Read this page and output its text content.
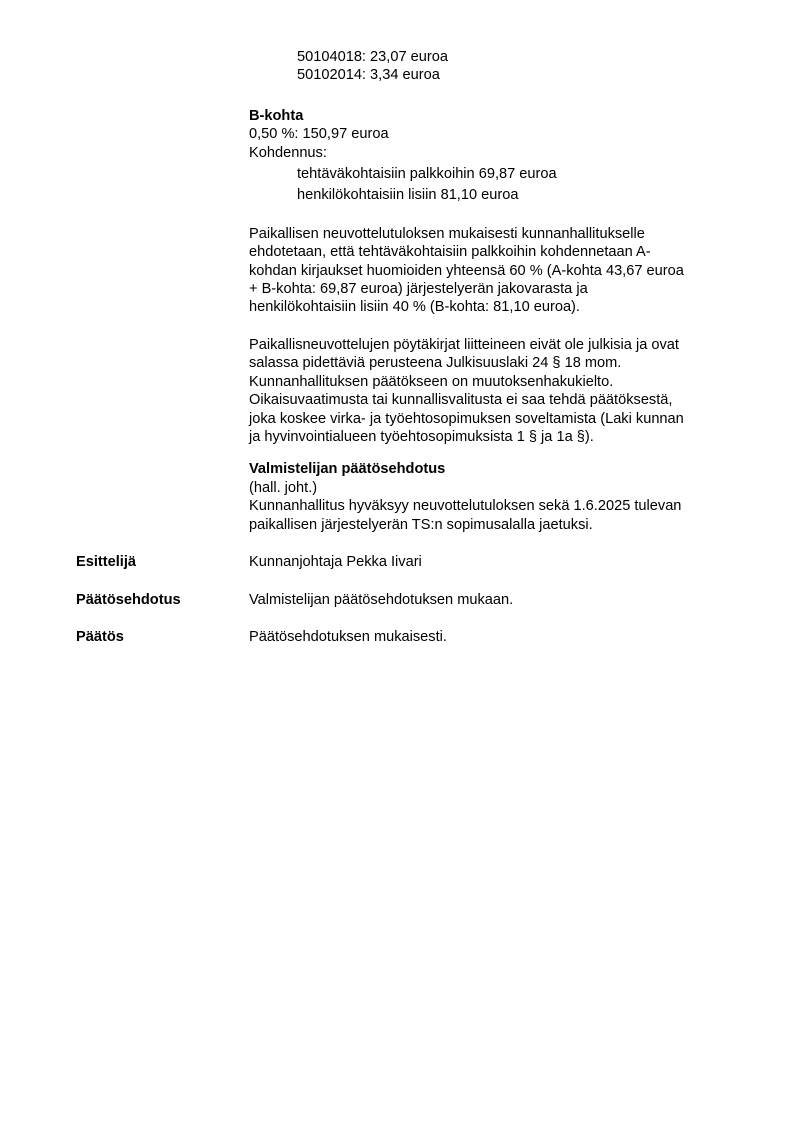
50104018: 23,07 euroa
50102014: 3,34 euroa
B-kohta
0,50 %: 150,97 euroa
Kohdennus:
tehtäväkohtaisiin palkkoihin 69,87 euroa
henkilökohtaisiin lisiin 81,10 euroa
Paikallisen neuvottelutuloksen mukaisesti kunnanhallitukselle
ehdotetaan, että tehtäväkohtaisiin palkkoihin kohdennetaan A-
kohdan kirjaukset huomioiden yhteensä 60 % (A-kohta 43,67 euroa
+ B-kohta: 69,87 euroa) järjestelyerän jakovarasta ja
henkilökohtaisiin lisiin 40 % (B-kohta: 81,10 euroa).
Paikallisneuvottelujen pöytäkirjat liitteineen eivät ole julkisia ja ovat
salassa pidettäviä perusteena Julkisuuslaki 24 § 18 mom.
Kunnanhallituksen päätökseen on muutoksenhakukielto.
Oikaisuvaatimusta tai kunnallisvalitusta ei saa tehdä päätöksestä,
joka koskee virka- ja työehtosopimuksen soveltamista (Laki kunnan
ja hyvinvointialueen työehtosopimuksista 1 § ja 1a §).
Valmistelijan päätösehdotus
(hall. joht.)
Kunnanhallitus hyväksyy neuvottelutuloksen sekä 1.6.2025 tulevan
paikallisen järjestelyerän TS:n sopimusalalla jaetuksi.
Esittelijä	Kunnanjohtaja Pekka Iivari
Päätösehdotus	Valmistelijan päätösehdotuksen mukaan.
Päätös	Päätösehdotuksen mukaisesti.
